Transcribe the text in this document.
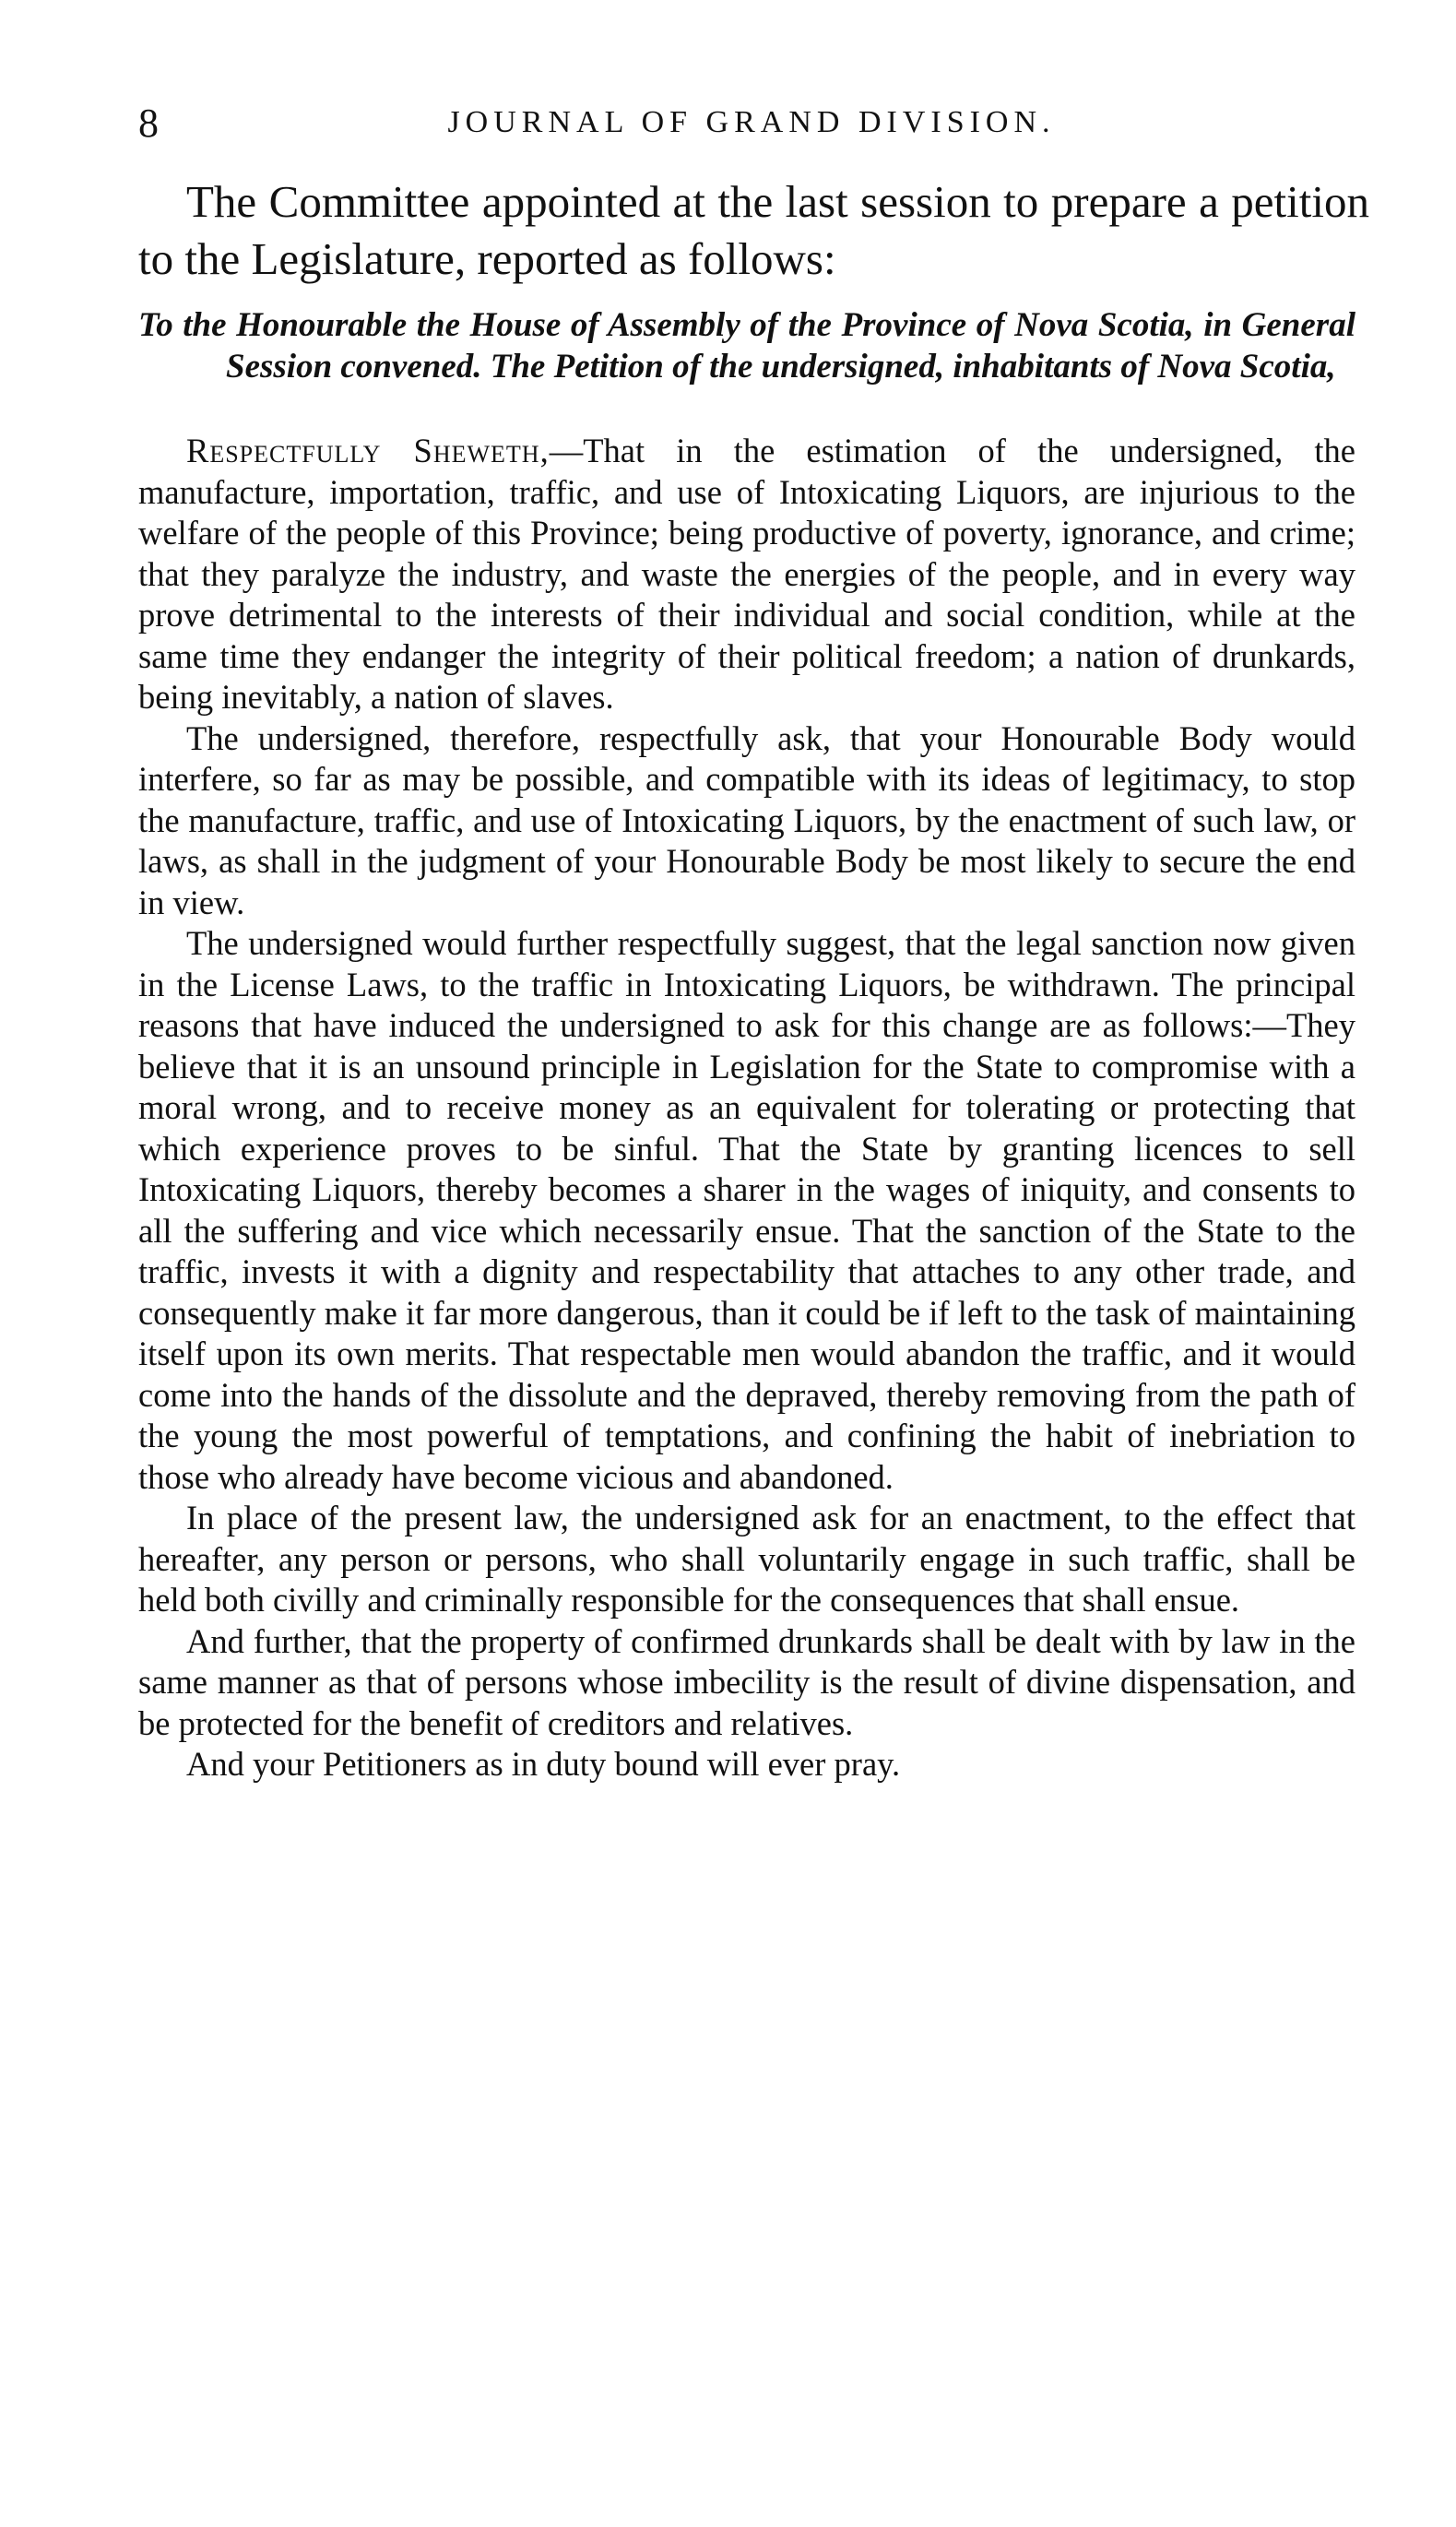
8	JOURNAL OF GRAND DIVISION.

The Committee appointed at the last session to prepare a petition to the Legislature, reported as follows:

To the Honourable the House of Assembly of the Province of Nova Scotia, in General Session convened. The Petition of the undersigned, inhabitants of Nova Scotia,

Respectfully Sheweth,—That in the estimation of the undersigned, the manufacture, importation, traffic, and use of Intoxicating Liquors, are injurious to the welfare of the people of this Province; being productive of poverty, ignorance, and crime; that they paralyze the industry, and waste the energies of the people, and in every way prove detrimental to the interests of their individual and social condition, while at the same time they endanger the integrity of their political freedom; a nation of drunkards, being inevitably, a nation of slaves.

The undersigned, therefore, respectfully ask, that your Honourable Body would interfere, so far as may be possible, and compatible with its ideas of legitimacy, to stop the manufacture, traffic, and use of Intoxicating Liquors, by the enactment of such law, or laws, as shall in the judgment of your Honourable Body be most likely to secure the end in view.

The undersigned would further respectfully suggest, that the legal sanction now given in the License Laws, to the traffic in Intoxicating Liquors, be withdrawn. The principal reasons that have induced the undersigned to ask for this change are as follows:—They believe that it is an unsound principle in Legislation for the State to compromise with a moral wrong, and to receive money as an equivalent for tolerating or protecting that which experience proves to be sinful. That the State by granting licences to sell Intoxicating Liquors, thereby becomes a sharer in the wages of iniquity, and consents to all the suffering and vice which necessarily ensue. That the sanction of the State to the traffic, invests it with a dignity and respectability that attaches to any other trade, and consequently make it far more dangerous, than it could be if left to the task of maintaining itself upon its own merits. That respectable men would abandon the traffic, and it would come into the hands of the dissolute and the depraved, thereby removing from the path of the young the most powerful of temptations, and confining the habit of inebriation to those who already have become vicious and abandoned.

In place of the present law, the undersigned ask for an enactment, to the effect that hereafter, any person or persons, who shall voluntarily engage in such traffic, shall be held both civilly and criminally responsible for the consequences that shall ensue.

And further, that the property of confirmed drunkards shall be dealt with by law in the same manner as that of persons whose imbecility is the result of divine dispensation, and be protected for the benefit of creditors and relatives.

And your Petitioners as in duty bound will ever pray.
